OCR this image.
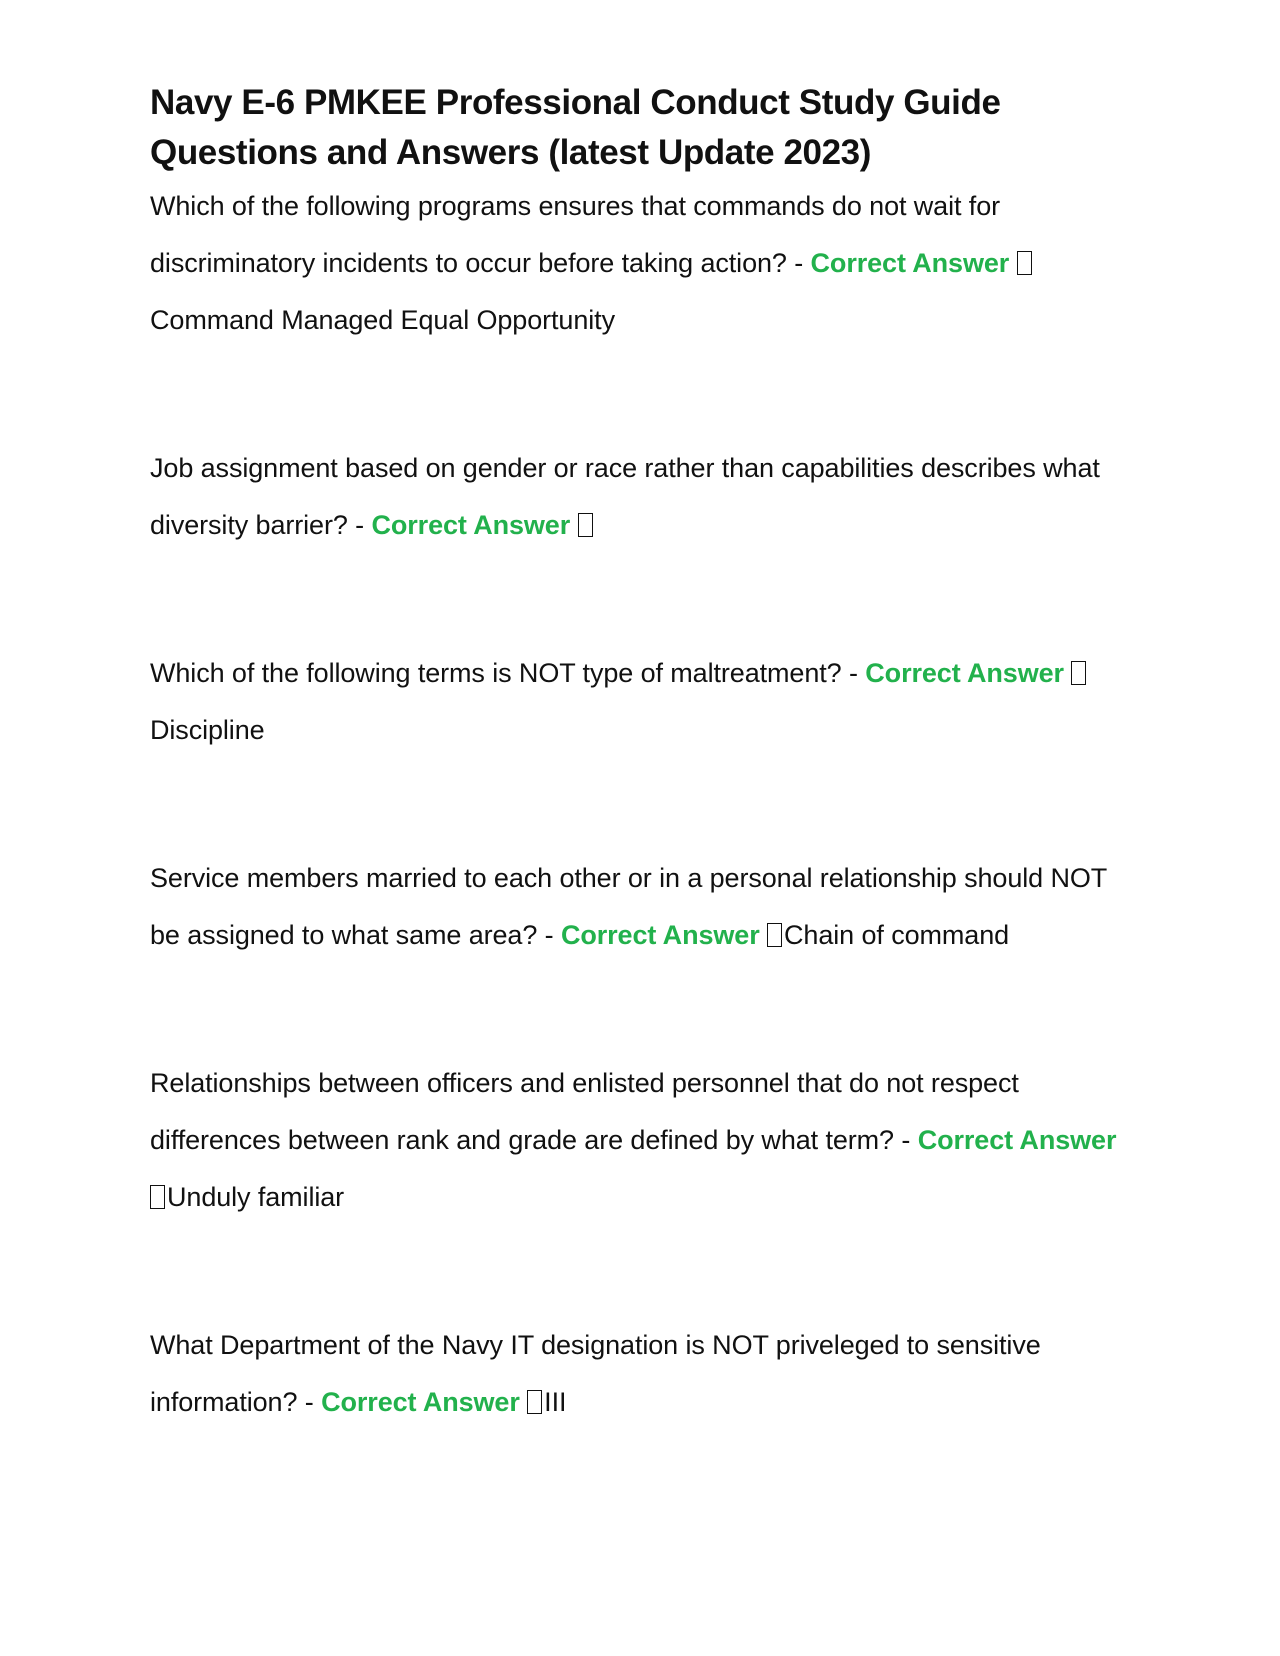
Navy E-6 PMKEE Professional Conduct Study Guide Questions and Answers (latest Update 2023)

Which of the following programs ensures that commands do not wait for discriminatory incidents to occur before taking action? - Correct Answer Command Managed Equal Opportunity

Job assignment based on gender or race rather than capabilities describes what diversity barrier? - Correct Answer

Which of the following terms is NOT type of maltreatment? - Correct Answer Discipline

Service members married to each other or in a personal relationship should NOT be assigned to what same area? - Correct Answer Chain of command

Relationships between officers and enlisted personnel that do not respect differences between rank and grade are defined by what term? - Correct Answer Unduly familiar

What Department of the Navy IT designation is NOT priveleged to sensitive information? - Correct Answer III
